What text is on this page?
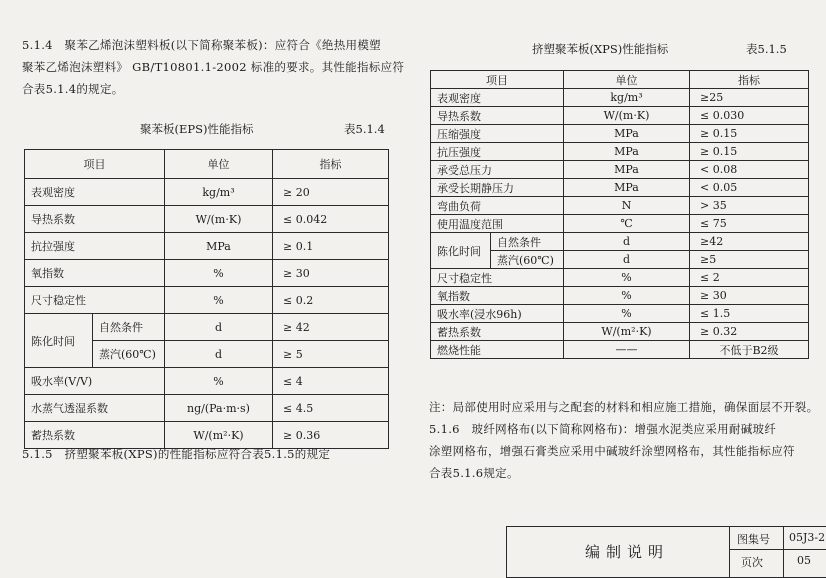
5.1.4　聚苯乙烯泡沫塑料板(以下简称聚苯板)：应符合《绝热用模塑
聚苯乙烯泡沫塑料》 GB/T10801.1-2002 标准的要求。其性能指标应符
合表5.1.4的规定。
聚苯板(EPS)性能指标	表5.1.4
项目		单位	指标
表观密度		kg/m³	≥ 20
导热系数		W/(m·K)	≤ 0.042
抗拉强度		MPa	≥ 0.1
氧指数		%	≥ 30
尺寸稳定性		%	≤ 0.2
陈化时间	自然条件	d	≥ 42
	蒸汽(60℃)	d	≥ 5
吸水率(V/V)		%	≤ 4
水蒸气透湿系数		ng/(Pa·m·s)	≤ 4.5
蓄热系数		W/(m²·K)	≥ 0.36
5.1.5　挤塑聚苯板(XPS)的性能指标应符合表5.1.5的规定
挤塑聚苯板(XPS)性能指标	表5.1.5
项目		单位	指标
表观密度		kg/m³	≥25
导热系数		W/(m·K)	≤ 0.030
压缩强度		MPa	≥ 0.15
抗压强度		MPa	≥ 0.15
承受总压力		MPa	< 0.08
承受长期静压力		MPa	< 0.05
弯曲负荷		N	> 35
使用温度范围		℃	≤ 75
陈化时间	自然条件	d	≥42
	蒸汽(60℃)	d	≥5
尺寸稳定性		%	≤ 2
氧指数		%	≥ 30
吸水率(浸水96h)		%	≤ 1.5
蓄热系数		W/(m²·K)	≥ 0.32
燃烧性能		——	不低于B2级
注：局部使用时应采用与之配套的材料和相应施工措施，确保面层不开裂。
5.1.6　玻纤网格布(以下简称网格布)：增强水泥类应采用耐碱玻纤
涂塑网格布，增强石膏类应采用中碱玻纤涂塑网格布，其性能指标应符
合表5.1.6规定。
编制说明
图集号 05J3-2
页次	05
